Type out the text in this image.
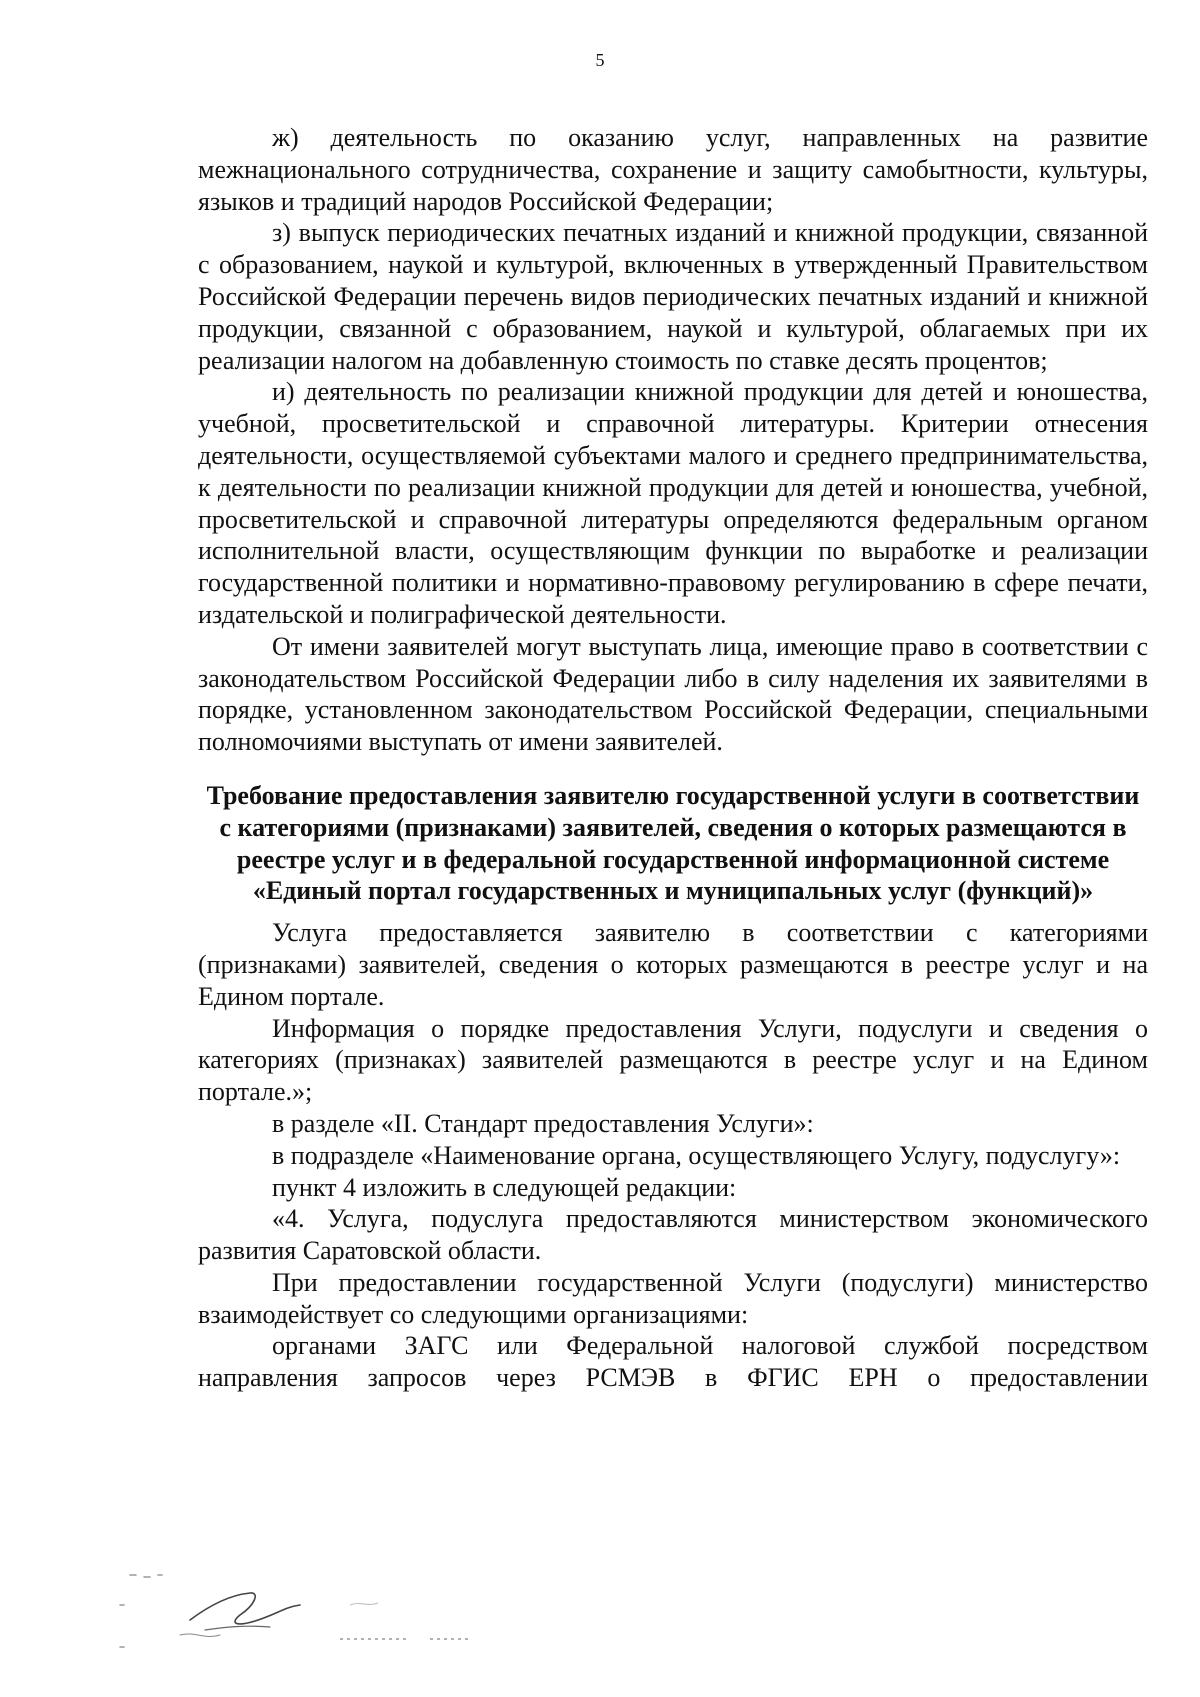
5

ж) деятельность по оказанию услуг, направленных на развитие межнационального сотрудничества, сохранение и защиту самобытности, культуры, языков и традиций народов Российской Федерации;

з) выпуск периодических печатных изданий и книжной продукции, связанной с образованием, наукой и культурой, включенных в утвержденный Правительством Российской Федерации перечень видов периодических печатных изданий и книжной продукции, связанной с образованием, наукой и культурой, облагаемых при их реализации налогом на добавленную стоимость по ставке десять процентов;

и) деятельность по реализации книжной продукции для детей и юношества, учебной, просветительской и справочной литературы. Критерии отнесения деятельности, осуществляемой субъектами малого и среднего предпринимательства, к деятельности по реализации книжной продукции для детей и юношества, учебной, просветительской и справочной литературы определяются федеральным органом исполнительной власти, осуществляющим функции по выработке и реализации государственной политики и нормативно-правовому регулированию в сфере печати, издательской и полиграфической деятельности.

От имени заявителей могут выступать лица, имеющие право в соответствии с законодательством Российской Федерации либо в силу наделения их заявителями в порядке, установленном законодательством Российской Федерации, специальными полномочиями выступать от имени заявителей.

Требование предоставления заявителю государственной услуги в соответствии с категориями (признаками) заявителей, сведения о которых размещаются в реестре услуг и в федеральной государственной информационной системе «Единый портал государственных и муниципальных услуг (функций)»

Услуга предоставляется заявителю в соответствии с категориями (признаками) заявителей, сведения о которых размещаются в реестре услуг и на Едином портале.

Информация о порядке предоставления Услуги, подуслуги и сведения о категориях (признаках) заявителей размещаются в реестре услуг и на Едином портале.»;

в разделе «II. Стандарт предоставления Услуги»:

в подразделе «Наименование органа, осуществляющего Услугу, подуслугу»:

пункт 4 изложить в следующей редакции:

«4. Услуга, подуслуга предоставляются министерством экономического развития Саратовской области.

При предоставлении государственной Услуги (подуслуги) министерство взаимодействует со следующими организациями:

органами ЗАГС или Федеральной налоговой службой посредством направления запросов через РСМЭВ в ФГИС ЕРН о предоставлении
